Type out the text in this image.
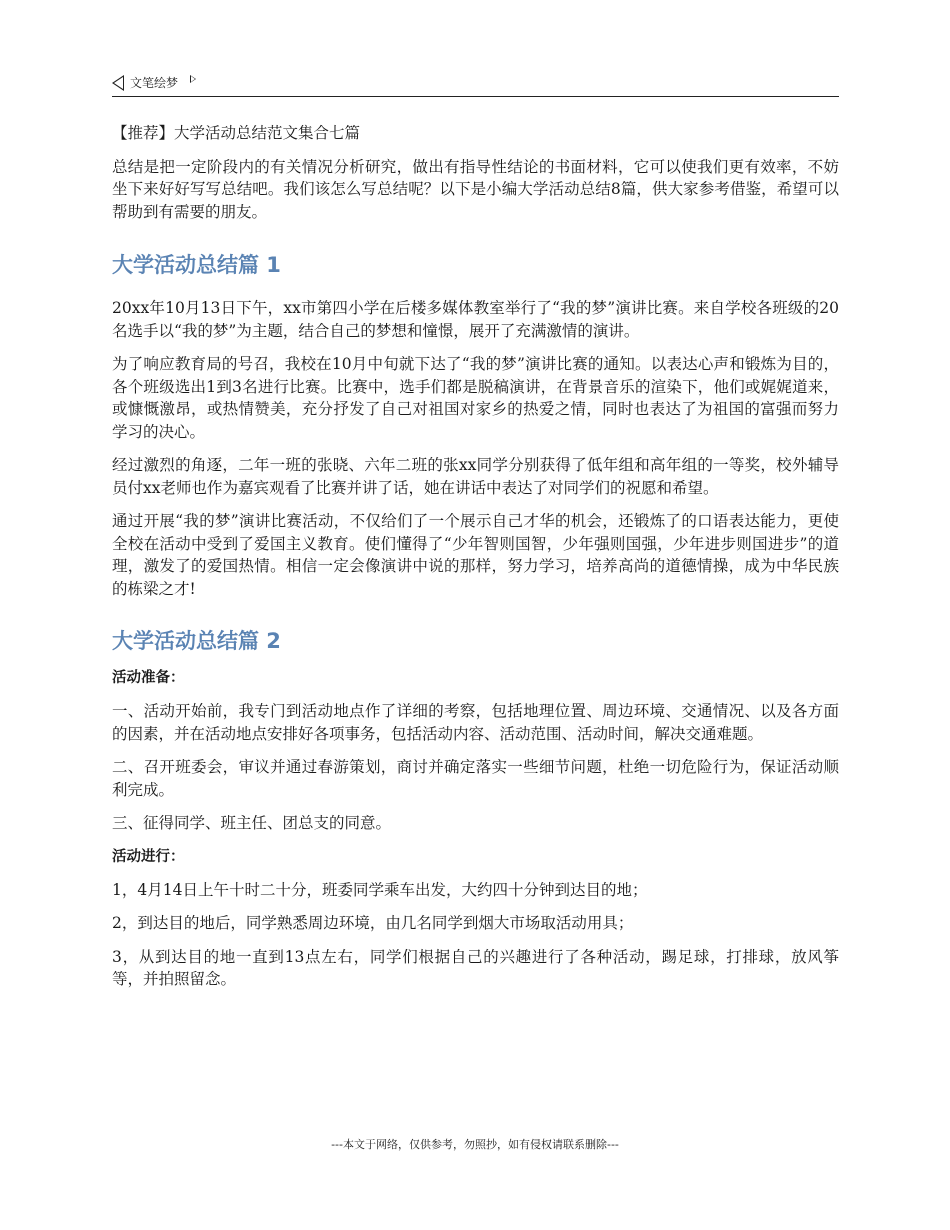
文笔绘梦

【推荐】大学活动总结范文集合七篇

总结是把一定阶段内的有关情况分析研究，做出有指导性结论的书面材料，它可以使我们更有效率，不妨坐下来好好写写总结吧。我们该怎么写总结呢？以下是小编大学活动总结8篇，供大家参考借鉴，希望可以帮助到有需要的朋友。

大学活动总结篇 1

20xx年10月13日下午，xx市第四小学在后楼多媒体教室举行了“我的梦”演讲比赛。来自学校各班级的20名选手以“我的梦”为主题，结合自己的梦想和憧憬，展开了充满激情的演讲。

为了响应教育局的号召，我校在10月中旬就下达了“我的梦”演讲比赛的通知。以表达心声和锻炼为目的，各个班级选出1到3名进行比赛。比赛中，选手们都是脱稿演讲，在背景音乐的渲染下，他们或娓娓道来，或慷慨激昂，或热情赞美，充分抒发了自己对祖国对家乡的热爱之情，同时也表达了为祖国的富强而努力学习的决心。

经过激烈的角逐，二年一班的张晓、六年二班的张xx同学分别获得了低年组和高年组的一等奖，校外辅导员付xx老师也作为嘉宾观看了比赛并讲了话，她在讲话中表达了对同学们的祝愿和希望。

通过开展“我的梦”演讲比赛活动，不仅给们了一个展示自己才华的机会，还锻炼了的口语表达能力，更使全校在活动中受到了爱国主义教育。使们懂得了“少年智则国智，少年强则国强，少年进步则国进步”的道理，激发了的爱国热情。相信一定会像演讲中说的那样，努力学习，培养高尚的道德情操，成为中华民族的栋梁之才!

大学活动总结篇 2

活动准备：

一、活动开始前，我专门到活动地点作了详细的考察，包括地理位置、周边环境、交通情况、以及各方面的因素，并在活动地点安排好各项事务，包括活动内容、活动范围、活动时间，解决交通难题。

二、召开班委会，审议并通过春游策划，商讨并确定落实一些细节问题，杜绝一切危险行为，保证活动顺利完成。

三、征得同学、班主任、团总支的同意。

活动进行：

1，4月14日上午十时二十分，班委同学乘车出发，大约四十分钟到达目的地；

2，到达目的地后，同学熟悉周边环境，由几名同学到烟大市场取活动用具；

3，从到达目的地一直到13点左右，同学们根据自己的兴趣进行了各种活动，踢足球，打排球，放风筝等，并拍照留念。

---本文于网络，仅供参考，勿照抄，如有侵权请联系删除---
